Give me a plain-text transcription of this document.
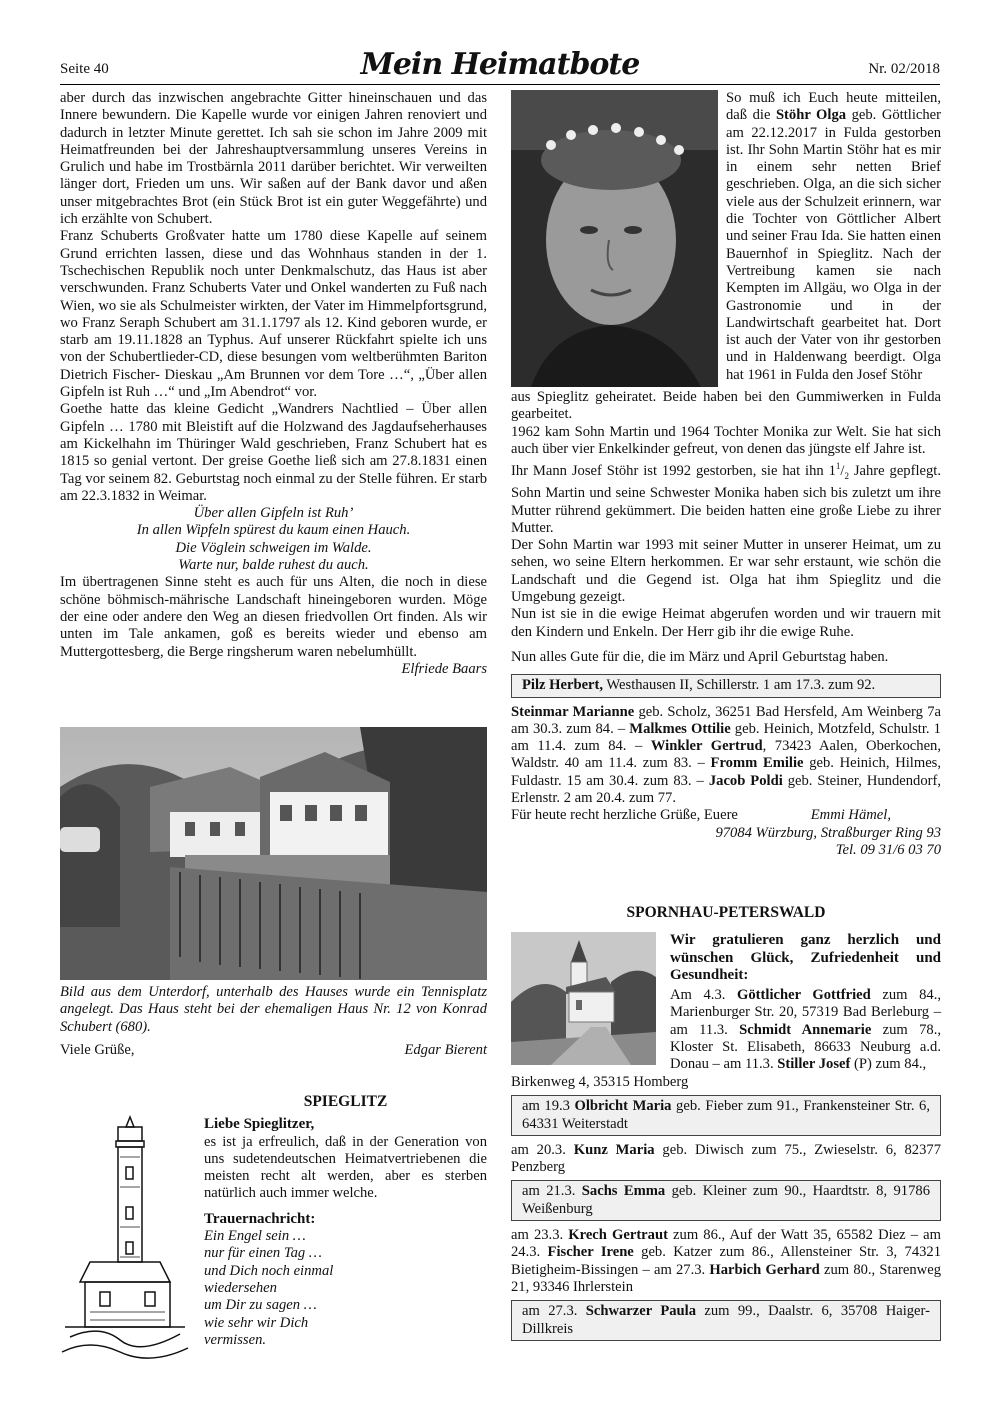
Seite 40	Mein Heimatbote	Nr. 02/2018

aber durch das inzwischen angebrachte Gitter hineinschauen und das Innere bewundern. Die Kapelle wurde vor einigen Jahren renoviert und dadurch in letzter Minute gerettet. Ich sah sie schon im Jahre 2009 mit Heimatfreunden bei der Jahreshauptversammlung unseres Vereins in Grulich und habe im Trostbärnla 2011 darüber berichtet. Wir verweilten länger dort, Frieden um uns. Wir saßen auf der Bank davor und aßen unser mitgebrachtes Brot (ein Stück Brot ist ein guter Weggefährte) und ich erzählte von Schubert.

Franz Schuberts Großvater hatte um 1780 diese Kapelle auf seinem Grund errichten lassen, diese und das Wohnhaus standen in der 1. Tschechischen Republik noch unter Denkmalschutz, das Haus ist aber verschwunden. Franz Schuberts Vater und Onkel wanderten zu Fuß nach Wien, wo sie als Schulmeister wirkten, der Vater im Himmelpfortsgrund, wo Franz Seraph Schubert am 31.1.1797 als 12. Kind geboren wurde, er starb am 19.11.1828 an Typhus. Auf unserer Rückfahrt spielte ich uns von der Schubertlieder-CD, diese besungen vom weltberühmten Bariton Dietrich Fischer- Dieskau „Am Brunnen vor dem Tore …“, „Über allen Gipfeln ist Ruh …“ und „Im Abendrot“ vor.

Goethe hatte das kleine Gedicht „Wandrers Nachtlied – Über allen Gipfeln … 1780 mit Bleistift auf die Holzwand des Jagdaufseherhauses am Kickelhahn im Thüringer Wald geschrieben, Franz Schubert hat es 1815 so genial vertont. Der greise Goethe ließ sich am 27.8.1831 einen Tag vor seinem 82. Geburtstag noch einmal zu der Stelle führen. Er starb am 22.3.1832 in Weimar.

Über allen Gipfeln ist Ruh’
In allen Wipfeln spürest du kaum einen Hauch.
Die Vöglein schweigen im Walde.
Warte nur, balde ruhest du auch.

Im übertragenen Sinne steht es auch für uns Alten, die noch in diese schöne böhmisch-mährische Landschaft hineingeboren wurden. Möge der eine oder andere den Weg an diesen friedvollen Ort finden. Als wir unten im Tale ankamen, goß es bereits wieder und ebenso am Muttergottesberg, die Berge ringsherum waren nebelumhüllt.

Elfriede Baars

Bild aus dem Unterdorf, unterhalb des Hauses wurde ein Tennisplatz angelegt. Das Haus steht bei der ehemaligen Haus Nr. 12 von Konrad Schubert (680).

Viele Grüße,	Edgar Bierent
SPIEGLITZ

Liebe Spieglitzer,

es ist ja erfreulich, daß in der Generation von uns sudetendeutschen Heimatvertriebenen die meisten recht alt werden, aber es sterben natürlich auch immer welche.

Trauernachricht:

Ein Engel sein …
nur für einen Tag …
und Dich noch einmal
wiedersehen
um Dir zu sagen …
wie sehr wir Dich
vermissen.

So muß ich Euch heute mitteilen, daß die Stöhr Olga geb. Göttlicher am 22.12.2017 in Fulda gestorben ist. Ihr Sohn Martin Stöhr hat es mir in einem sehr netten Brief geschrieben. Olga, an die sich sicher viele aus der Schulzeit erinnern, war die Tochter von Göttlicher Albert und seiner Frau Ida. Sie hatten einen Bauernhof in Spieglitz. Nach der Vertreibung kamen sie nach Kempten im Allgäu, wo Olga in der Gastronomie und in der Landwirtschaft gearbeitet hat. Dort ist auch der Vater von ihr gestorben und in Haldenwang beerdigt. Olga hat 1961 in Fulda den Josef Stöhr

aus Spieglitz geheiratet. Beide haben bei den Gummiwerken in Fulda gearbeitet.

1962 kam Sohn Martin und 1964 Tochter Monika zur Welt. Sie hat sich auch über vier Enkelkinder gefreut, von denen das jüngste elf Jahre ist.

Ihr Mann Josef Stöhr ist 1992 gestorben, sie hat ihn $1^1/_2$ Jahre gepflegt. Sohn Martin und seine Schwester Monika haben sich bis zuletzt um ihre Mutter rührend gekümmert. Die beiden hatten eine große Liebe zu ihrer Mutter.

Der Sohn Martin war 1993 mit seiner Mutter in unserer Heimat, um zu sehen, wo seine Eltern herkommen. Er war sehr erstaunt, wie schön die Landschaft und die Gegend ist. Olga hat ihm Spieglitz und die Umgebung gezeigt.

Nun ist sie in die ewige Heimat abgerufen worden und wir trauern mit den Kindern und Enkeln. Der Herr gib ihr die ewige Ruhe.

Nun alles Gute für die, die im März und April Geburtstag haben.

Pilz Herbert, Westhausen II, Schillerstr. 1 am 17.3. zum 92.

Steinmar Marianne geb. Scholz, 36251 Bad Hersfeld, Am Weinberg 7a am 30.3. zum 84. – Malkmes Ottilie geb. Heinich, Motzfeld, Schulstr. 1 am 11.4. zum 84. – Winkler Gertrud, 73423 Aalen, Oberkochen, Waldstr. 40 am 11.4. zum 83. – Fromm Emilie geb. Heinich, Hilmes, Fuldastr. 15 am 30.4. zum 83. – Jacob Poldi geb. Steiner, Hundendorf, Erlenstr. 2 am 20.4. zum 77.

Für heute recht herzliche Grüße, Euere	Emmi Hämel,
97084 Würzburg, Straßburger Ring 93
Tel. 09 31/6 03 70
SPORNHAU-PETERSWALD

Wir gratulieren ganz herzlich und wünschen Glück, Zufriedenheit und Gesundheit:

Am 4.3. Göttlicher Gottfried zum 84., Marienburger Str. 20, 57319 Bad Berleburg – am 11.3. Schmidt Annemarie zum 78., Kloster St. Elisabeth, 86633 Neuburg a.d. Donau – am 11.3. Stiller Josef (P) zum 84.,

Birkenweg 4, 35315 Homberg

am 19.3 Olbricht Maria geb. Fieber zum 91., Frankensteiner Str. 6, 64331 Weiterstadt

am 20.3. Kunz Maria geb. Diwisch zum 75., Zwieselstr. 6, 82377 Penzberg

am 21.3. Sachs Emma geb. Kleiner zum 90., Haardtstr. 8, 91786 Weißenburg

am 23.3. Krech Gertraut zum 86., Auf der Watt 35, 65582 Diez – am 24.3. Fischer Irene geb. Katzer zum 86., Allensteiner Str. 3, 74321 Bietigheim-Bissingen – am 27.3. Harbich Gerhard zum 80., Starenweg 21, 93346 Ihrlerstein

am 27.3. Schwarzer Paula zum 99., Daalstr. 6, 35708 Haiger-Dillkreis
